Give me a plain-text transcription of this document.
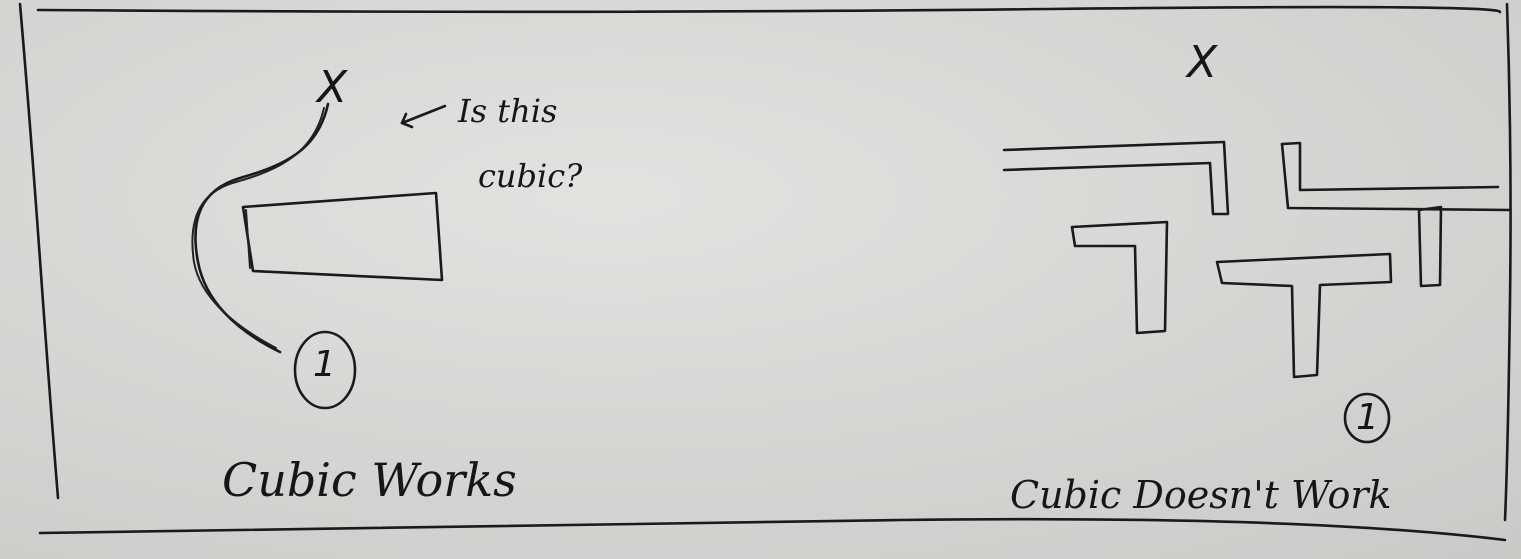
X
1
Is this
cubic?
Cubic Works
X
1
Cubic Doesn't Work
